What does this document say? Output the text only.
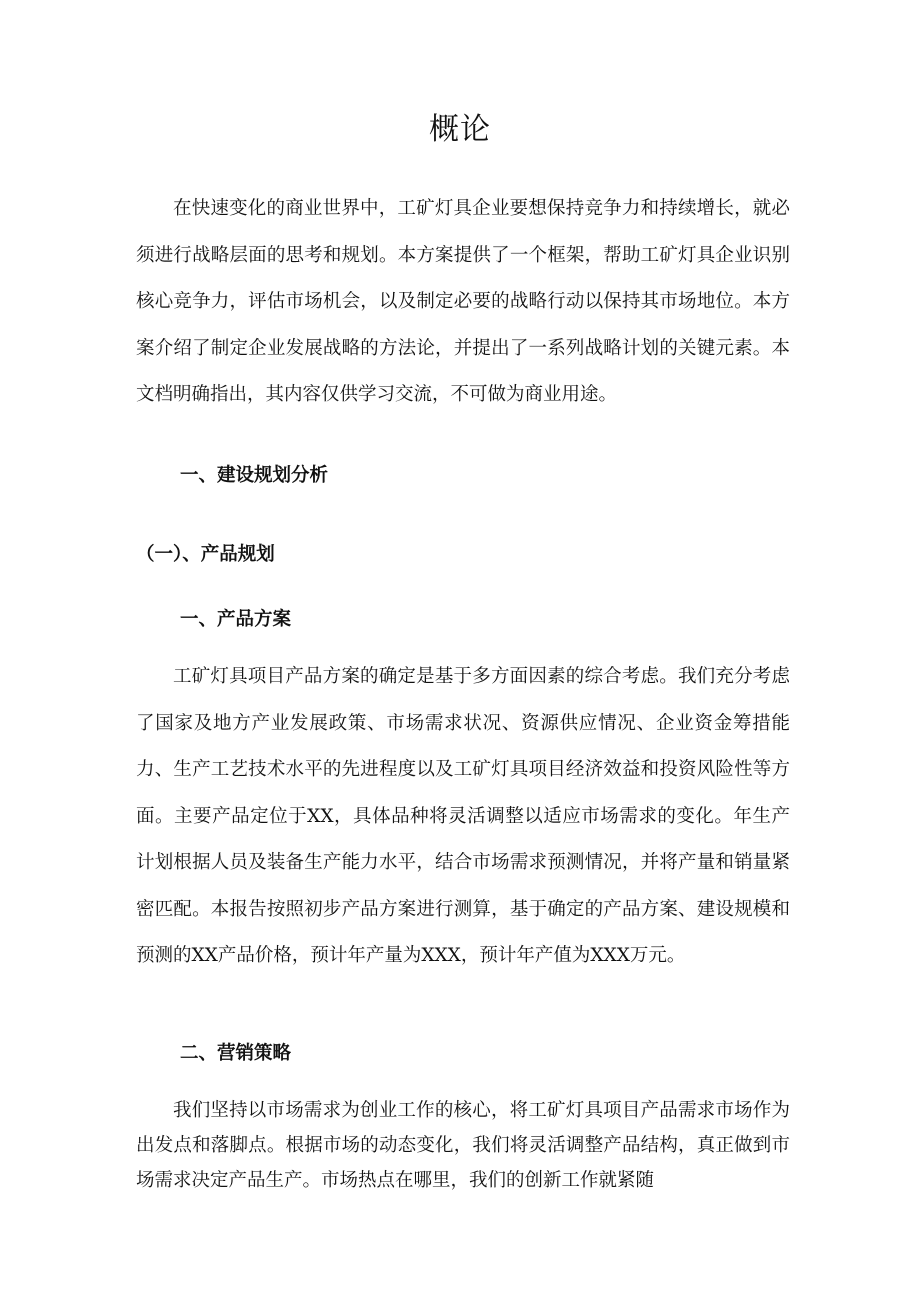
概论

在快速变化的商业世界中，工矿灯具企业要想保持竞争力和持续增长，就必须进行战略层面的思考和规划。本方案提供了一个框架，帮助工矿灯具企业识别核心竞争力，评估市场机会，以及制定必要的战略行动以保持其市场地位。本方案介绍了制定企业发展战略的方法论，并提出了一系列战略计划的关键元素。本文档明确指出，其内容仅供学习交流，不可做为商业用途。

一、建设规划分析
（一）、产品规划
一、产品方案

工矿灯具项目产品方案的确定是基于多方面因素的综合考虑。我们充分考虑了国家及地方产业发展政策、市场需求状况、资源供应情况、企业资金筹措能力、生产工艺技术水平的先进程度以及工矿灯具项目经济效益和投资风险性等方面。主要产品定位于XX，具体品种将灵活调整以适应市场需求的变化。年生产计划根据人员及装备生产能力水平，结合市场需求预测情况，并将产量和销量紧密匹配。本报告按照初步产品方案进行测算，基于确定的产品方案、建设规模和预测的XX产品价格，预计年产量为XXX，预计年产值为XXX万元。

二、营销策略

我们坚持以市场需求为创业工作的核心，将工矿灯具项目产品需求市场作为出发点和落脚点。根据市场的动态变化，我们将灵活调整产品结构，真正做到市场需求决定产品生产。市场热点在哪里，我们的创新工作就紧随
